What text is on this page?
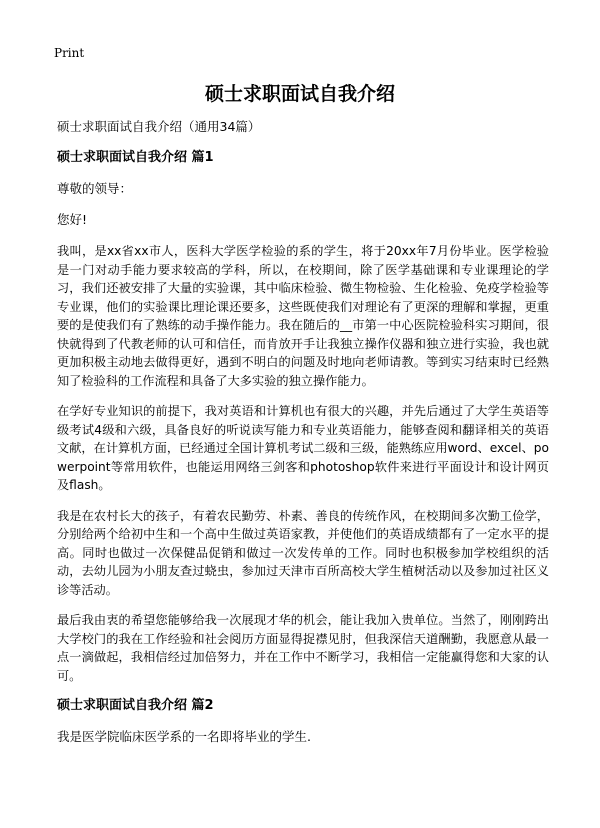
Print
硕士求职面试自我介绍

硕士求职面试自我介绍（通用34篇）

硕士求职面试自我介绍 篇1

尊敬的领导：

您好!

我叫，是xx省xx市人，医科大学医学检验的系的学生，将于20xx年7月份毕业。医学检验是一门对动手能力要求较高的学科，所以，在校期间，除了医学基础课和专业课理论的学习，我们还被安排了大量的实验课，其中临床检验、微生物检验、生化检验、免疫学检验等专业课，他们的实验课比理论课还要多，这些既使我们对理论有了更深的理解和掌握，更重要的是使我们有了熟练的动手操作能力。我在随后的__市第一中心医院检验科实习期间，很快就得到了代教老师的认可和信任，而肯放开手让我独立操作仪器和独立进行实验，我也就更加积极主动地去做得更好，遇到不明白的问题及时地向老师请教。等到实习结束时已经熟知了检验科的工作流程和具备了大多实验的独立操作能力。

在学好专业知识的前提下，我对英语和计算机也有很大的兴趣，并先后通过了大学生英语等级考试4级和六级，具备良好的听说读写能力和专业英语能力，能够查阅和翻译相关的英语文献，在计算机方面，已经通过全国计算机考试二级和三级，能熟练应用word、excel、powerpoint等常用软件，也能运用网络三剑客和photoshop软件来进行平面设计和设计网页及flash。

我是在农村长大的孩子，有着农民勤劳、朴素、善良的传统作风，在校期间多次勤工俭学，分别给两个给初中生和一个高中生做过英语家教，并使他们的英语成绩都有了一定水平的提高。同时也做过一次保健品促销和做过一次发传单的工作。同时也积极参加学校组织的活动，去幼儿园为小朋友查过蛲虫，参加过天津市百所高校大学生植树活动以及参加过社区义诊等活动。

最后我由衷的希望您能够给我一次展现才华的机会，能让我加入贵单位。当然了，刚刚跨出大学校门的我在工作经验和社会阅历方面显得捉襟见肘，但我深信天道酬勤，我愿意从最一点一滴做起，我相信经过加倍努力，并在工作中不断学习，我相信一定能赢得您和大家的认可。

硕士求职面试自我介绍 篇2

我是医学院临床医学系的一名即将毕业的学生.
